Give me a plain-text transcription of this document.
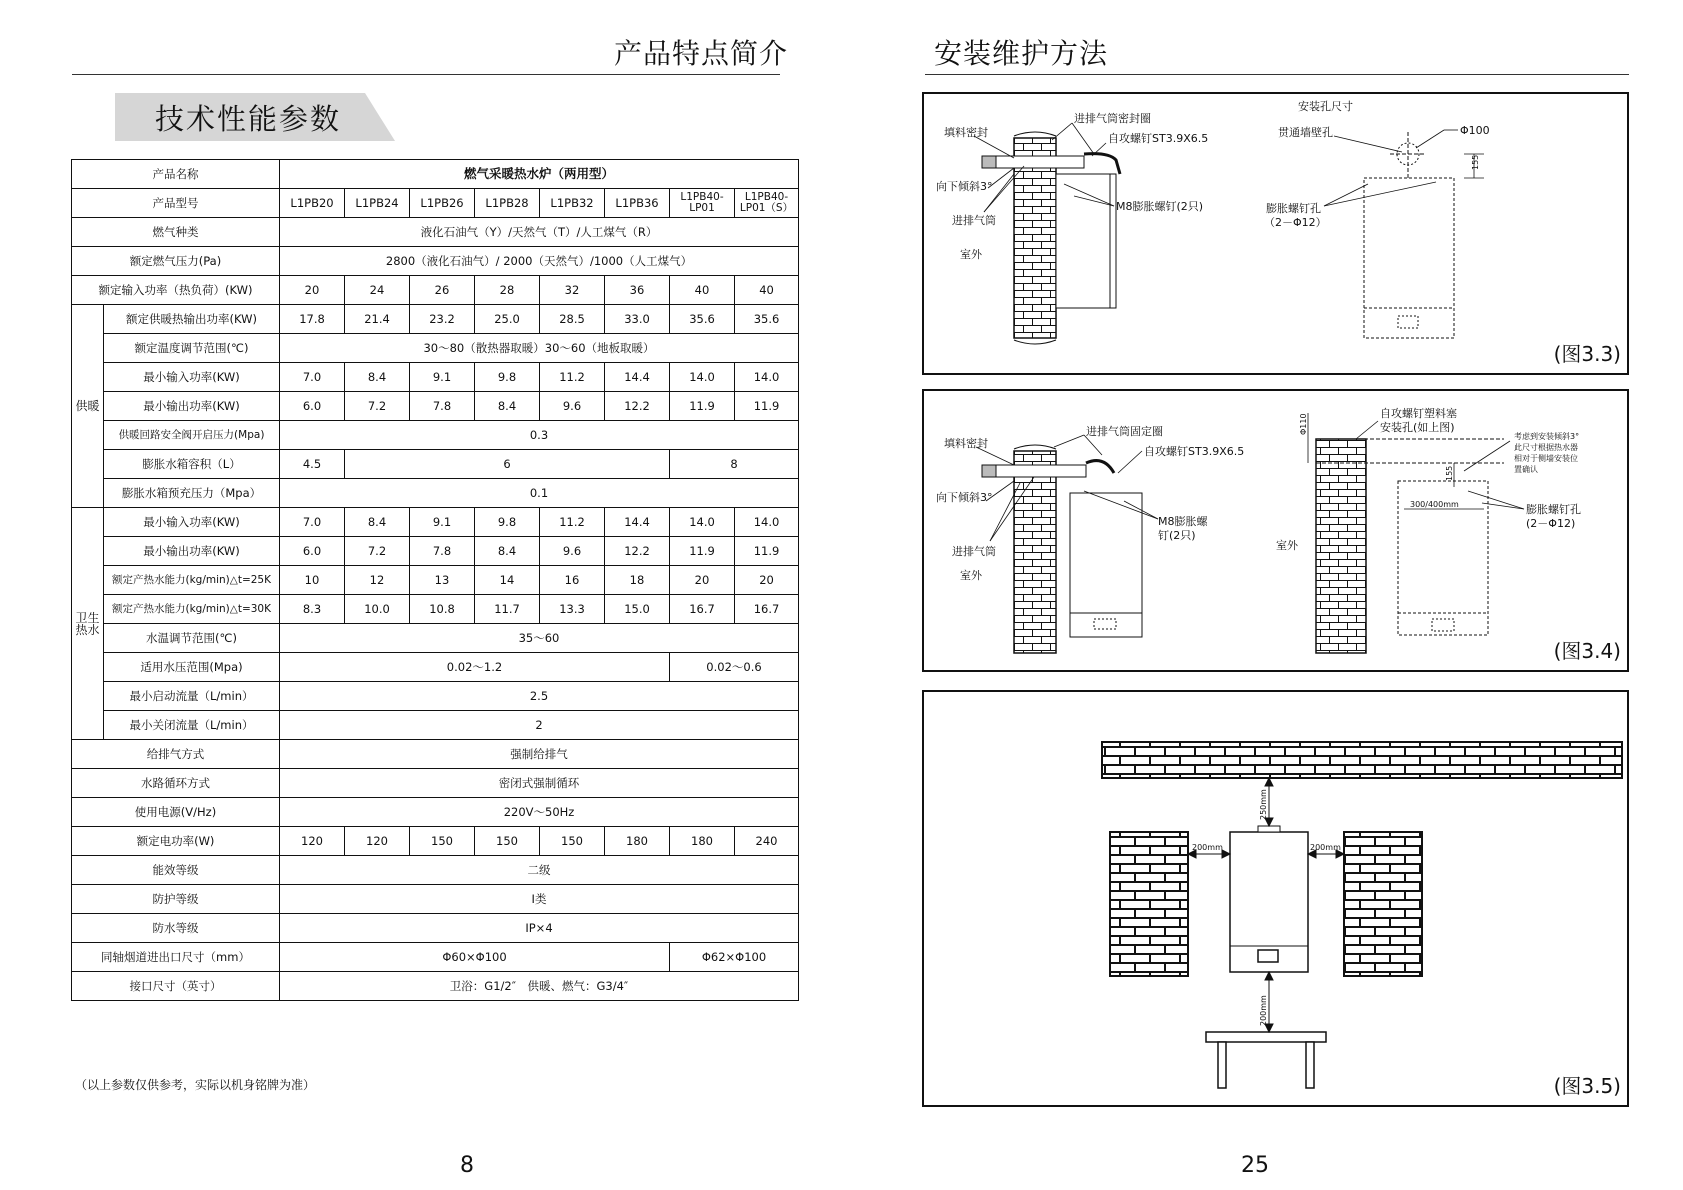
产品特点简介
技术性能参数
产品名称		燃气采暖热水炉（两用型）							
产品型号		L1PB20	L1PB24	L1PB26	L1PB28	L1PB32	L1PB36	L1PB40-LP01	L1PB40-LP01（S）
燃气种类		液化石油气（Y）/天然气（T）/人工煤气（R）							
额定燃气压力(Pa)		2800（液化石油气）/ 2000（天然气）/1000（人工煤气）							
额定输入功率（热负荷）(KW)		20	24	26	28	32	36	40	40
供暖	额定供暖热输出功率(KW)	17.8	21.4	23.2	25.0	28.5	33.0	35.6	35.6
	额定温度调节范围(℃)	30～80（散热器取暖）30～60（地板取暖）							
	最小输入功率(KW)	7.0	8.4	9.1	9.8	11.2	14.4	14.0	14.0
	最小输出功率(KW)	6.0	7.2	7.8	8.4	9.6	12.2	11.9	11.9
	供暖回路安全阀开启压力(Mpa)	0.3							
	膨胀水箱容积（L）	4.5	6					8	
	膨胀水箱预充压力（Mpa）	0.1							
卫生热水	最小输入功率(KW)	7.0	8.4	9.1	9.8	11.2	14.4	14.0	14.0
	最小输出功率(KW)	6.0	7.2	7.8	8.4	9.6	12.2	11.9	11.9
	额定产热水能力(kg/min)△t=25K	10	12	13	14	16	18	20	20
	额定产热水能力(kg/min)△t=30K	8.3	10.0	10.8	11.7	13.3	15.0	16.7	16.7
	水温调节范围(℃)	35～60							
	适用水压范围(Mpa)	0.02～1.2						0.02～0.6	
	最小启动流量（L/min）	2.5							
	最小关闭流量（L/min）	2							
给排气方式		强制给排气							
水路循环方式		密闭式强制循环							
使用电源(V/Hz)		220V～50Hz							
额定电功率(W)		120	120	150	150	150	180	180	240
能效等级		二级							
防护等级		Ⅰ类							
防水等级		IP×4							
同轴烟道进出口尺寸（mm）		Φ60×Φ100						Φ62×Φ100	
接口尺寸（英寸）		卫浴：G1/2″　供暖、燃气：G3/4″							
（以上参数仅供参考，实际以机身铭牌为准）
8
安装维护方法
进排气筒密封圈
填料密封	自攻螺钉ST3.9X6.5
向下倾斜3°
进排气筒
室外
M8膨胀螺钉(2只)
安装孔尺寸
贯通墙壁孔	Φ100
155
膨胀螺钉孔
（2－Φ12）
(图3.3)
进排气筒固定圈
填料密封
自攻螺钉ST3.9X6.5
向下倾斜3°
M8膨胀螺
钉(2只)
进排气筒
室外
Φ110
155
自攻螺钉塑料塞
安装孔(如上图)
考虑到安装倾斜3°
此尺寸根据热水器
相对于侧墙安装位
置确认
300/400mm	膨胀螺钉孔
(2－Φ12)
室外
(图3.4)
250mm
200mm	200mm
200mm
(图3.5)
25
